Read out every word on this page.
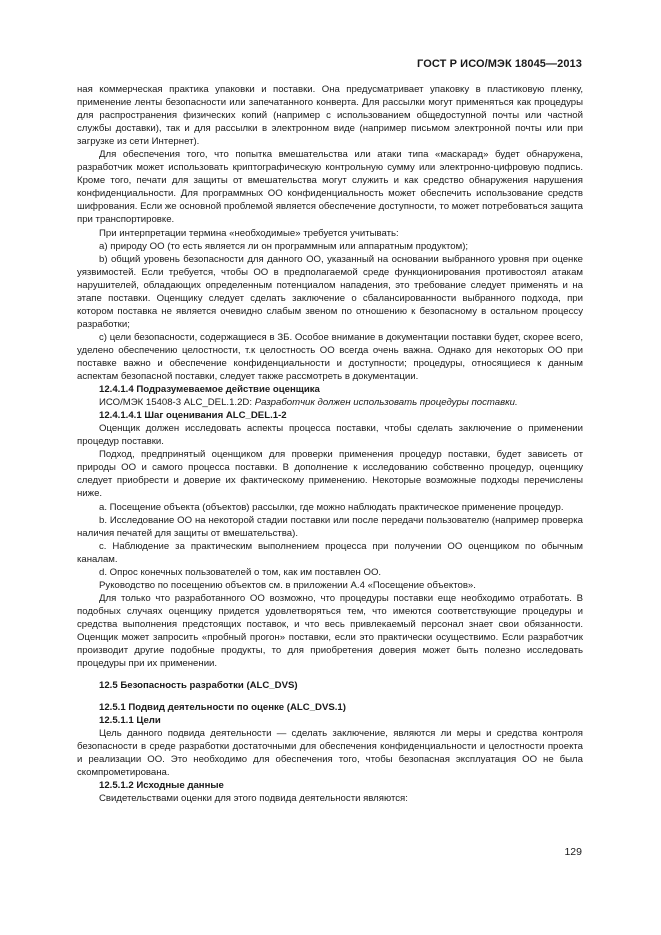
ГОСТ Р ИСО/МЭК 18045—2013

ная коммерческая практика упаковки и поставки. Она предусматривает упаковку в пластиковую пленку, применение ленты безопасности или запечатанного конверта. Для рассылки могут применяться как процедуры для распространения физических копий (например с использованием общедоступной почты или частной службы доставки), так и для рассылки в электронном виде (например письмом электронной почты или при загрузке из сети Интернет).

Для обеспечения того, что попытка вмешательства или атаки типа «маскарад» будет обнаружена, разработчик может использовать криптографическую контрольную сумму или электронно-цифровую подпись. Кроме того, печати для защиты от вмешательства могут служить и как средство обнаружения нарушения конфиденциальности. Для программных ОО конфиденциальность может обеспечить использование средств шифрования. Если же основной проблемой является обеспечение доступности, то может потребоваться защита при транспортировке.

При интерпретации термина «необходимые» требуется учитывать:

a) природу ОО (то есть является ли он программным или аппаратным продуктом);

b) общий уровень безопасности для данного ОО, указанный на основании выбранного уровня при оценке уязвимостей. Если требуется, чтобы ОО в предполагаемой среде функционирования противостоял атакам нарушителей, обладающих определенным потенциалом нападения, это требование следует применять и на этапе поставки. Оценщику следует сделать заключение о сбалансированности выбранного подхода, при котором поставка не является очевидно слабым звеном по отношению к безопасному в остальном процессу разработки;

c) цели безопасности, содержащиеся в ЗБ. Особое внимание в документации поставки будет, скорее всего, уделено обеспечению целостности, т.к целостность ОО всегда очень важна. Однако для некоторых ОО при поставке важно и обеспечение конфиденциальности и доступности; процедуры, относящиеся к данным аспектам безопасной поставки, следует также рассмотреть в документации.

12.4.1.4 Подразумеваемое действие оценщика

ИСО/МЭК 15408-3 ALC_DEL.1.2D: Разработчик должен использовать процедуры поставки.

12.4.1.4.1 Шаг оценивания ALC_DEL.1-2

Оценщик должен исследовать аспекты процесса поставки, чтобы сделать заключение о применении процедур поставки.

Подход, предпринятый оценщиком для проверки применения процедур поставки, будет зависеть от природы ОО и самого процесса поставки. В дополнение к исследованию собственно процедур, оценщику следует приобрести и доверие их фактическому применению. Некоторые возможные подходы перечислены ниже.

a. Посещение объекта (объектов) рассылки, где можно наблюдать практическое применение процедур.

b. Исследование ОО на некоторой стадии поставки или после передачи пользователю (например проверка наличия печатей для защиты от вмешательства).

c. Наблюдение за практическим выполнением процесса при получении ОО оценщиком по обычным каналам.

d. Опрос конечных пользователей о том, как им поставлен ОО.

Руководство по посещению объектов см. в приложении А.4 «Посещение объектов».

Для только что разработанного ОО возможно, что процедуры поставки еще необходимо отработать. В подобных случаях оценщику придется удовлетворяться тем, что имеются соответствующие процедуры и средства выполнения предстоящих поставок, и что весь привлекаемый персонал знает свои обязанности. Оценщик может запросить «пробный прогон» поставки, если это практически осуществимо. Если разработчик производит другие подобные продукты, то для приобретения доверия может быть полезно исследовать процедуры при их применении.

12.5 Безопасность разработки (ALC_DVS)

12.5.1 Подвид деятельности по оценке (ALC_DVS.1)

12.5.1.1 Цели

Цель данного подвида деятельности — сделать заключение, являются ли меры и средства контроля безопасности в среде разработки достаточными для обеспечения конфиденциальности и целостности проекта и реализации ОО. Это необходимо для обеспечения того, чтобы безопасная эксплуатация ОО не была скомпрометирована.

12.5.1.2 Исходные данные

Свидетельствами оценки для этого подвида деятельности являются:

129
